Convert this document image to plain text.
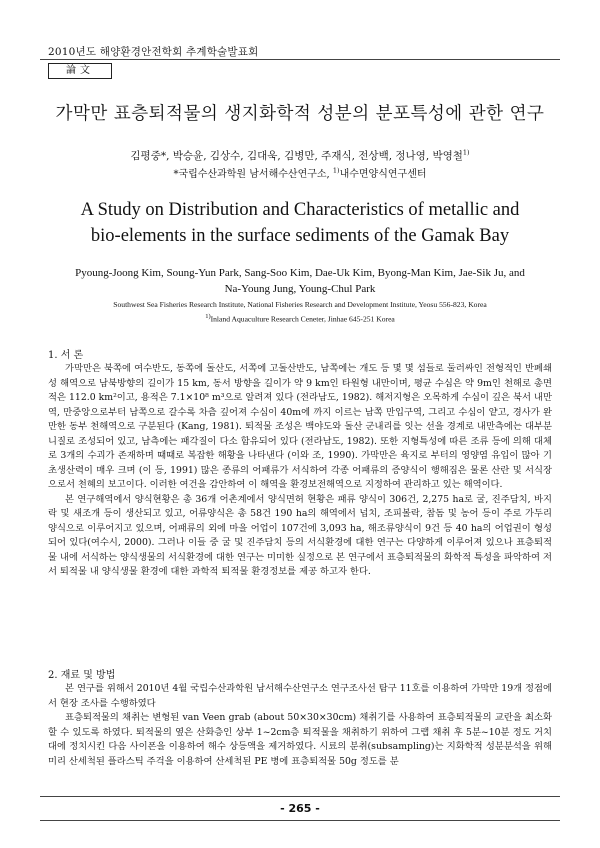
2010년도 해양환경안전학회 추계학술발표회
論文
가막만 표층퇴적물의 생지화학적 성분의 분포특성에 관한 연구
김평중*, 박승윤, 김상수, 김대욱, 김병만, 주재식, 전상백, 정나영, 박영철$^{1)}$
*국립수산과학원 남서해수산연구소, $^{1)}$내수면양식연구센터
A Study on Distribution and Characteristics of metallic and
bio-elements in the surface sediments of the Gamak Bay
Pyoung-Joong Kim, Soung-Yun Park, Sang-Soo Kim, Dae-Uk Kim, Byong-Man Kim, Jae-Sik Ju, and
Na-Young Jung, Young-Chul Park
Southwest Sea Fisheries Research Institute, National Fisheries Research and Development Institute, Yeosu 556-823, Korea
1)Inland Aquaculture Research Ceneter, Jinhae 645-251 Korea
1. 서 론

가막만은 북쪽에 여수반도, 동쪽에 돌산도, 서쪽에 고돌산반도, 남쪽에는 개도 등 몇 몇 섬들로 둘러싸인 전형적인 반폐쇄성 해역으로 남북방향의 길이가 15 km, 동서 방향을 길이가 약 9 km인 타원형 내만이며, 평균 수심은 약 9m인 천해로 총면적은 112.0 km²이고, 용적은 7.1×10⁸ m³으로 알려져 있다 (전라남도, 1982). 해저지형은 오목하게 수심이 깊은 북서 내만역, 만중앙으로부터 남쪽으로 갈수록 차츰 깊어져 수심이 40m에 까지 이르는 남쪽 만입구역, 그리고 수심이 얕고, 경사가 완만한 동부 천해역으로 구분된다 (Kang, 1981). 퇴적물 조성은 백야도와 돌산 군내리를 잇는 선을 경계로 내만측에는 대부분 니질로 조성되어 있고, 남측에는 패각질이 다소 함유되어 있다 (전라남도, 1982). 또한 지형특성에 따른 조류 등에 의해 대체로 3개의 수괴가 존재하며 때때로 복잡한 해황을 나타낸다 (이와 조, 1990). 가막만은 육지로 부터의 영양염 유입이 많아 기초생산력이 매우 크며 (이 등, 1991) 많은 종류의 어패류가 서식하여 각종 어패류의 증양식이 행해짐은 물론 산란 및 서식장으로서 천혜의 보고이다. 이러한 여건을 감안하여 이 해역을 환경보전해역으로 지정하여 관리하고 있는 해역이다.

본 연구해역에서 양식현황은 총 36개 어촌계에서 양식면허 현황은 패류 양식이 306건, 2,275 ha로 굴, 진주담치, 바지락 및 새조개 등이 생산되고 있고, 어류양식은 총 58건 190 ha의 해역에서 넙치, 조피볼락, 참돔 및 농어 등이 주로 가두리 양식으로 이루어지고 있으며, 어패류의 외에 마을 어업이 107건에 3,093 ha, 해조류양식이 9건 등 40 ha의 어업권이 형성되어 있다(여수시, 2000). 그러나 이들 중 굴 및 진주담치 등의 서식환경에 대한 연구는 다양하게 이루어져 있으나 표층퇴적물 내에 서식하는 양식생물의 서식환경에 대한 연구는 미미한 실정으로 본 연구에서 표층퇴적물의 화학적 특성을 파악하여 저서 퇴적물 내 양식생물 환경에 대한 과학적 퇴적물 환경정보를 제공 하고자 한다.

2. 재료 및 방법

본 연구를 위해서 2010년 4월 국립수산과학원 남서해수산연구소 연구조사선 탐구 11호를 이용하여 가막만 19개 정점에서 현장 조사를 수행하였다

표층퇴적물의 채취는 변형된 van Veen grab (about 50×30×30cm) 채취기를 사용하여 표층퇴적물의 교란을 최소화 할 수 있도록 하였다. 퇴적물의 옆은 산화층인 상부 1~2cm층 퇴적물을 채취하기 위하여 그랩 채취 후 5분~10분 정도 거치대에 정치시킨 다음 사이폰을 이용하여 해수 상등액을 제거하였다. 시료의 분취(subsampling)는 지화학적 성분분석을 위해 미리 산세척된 플라스틱 주걱을 이용하여 산세척된 PE 병에 표층퇴적물 50g 정도를 분

- 265 -
